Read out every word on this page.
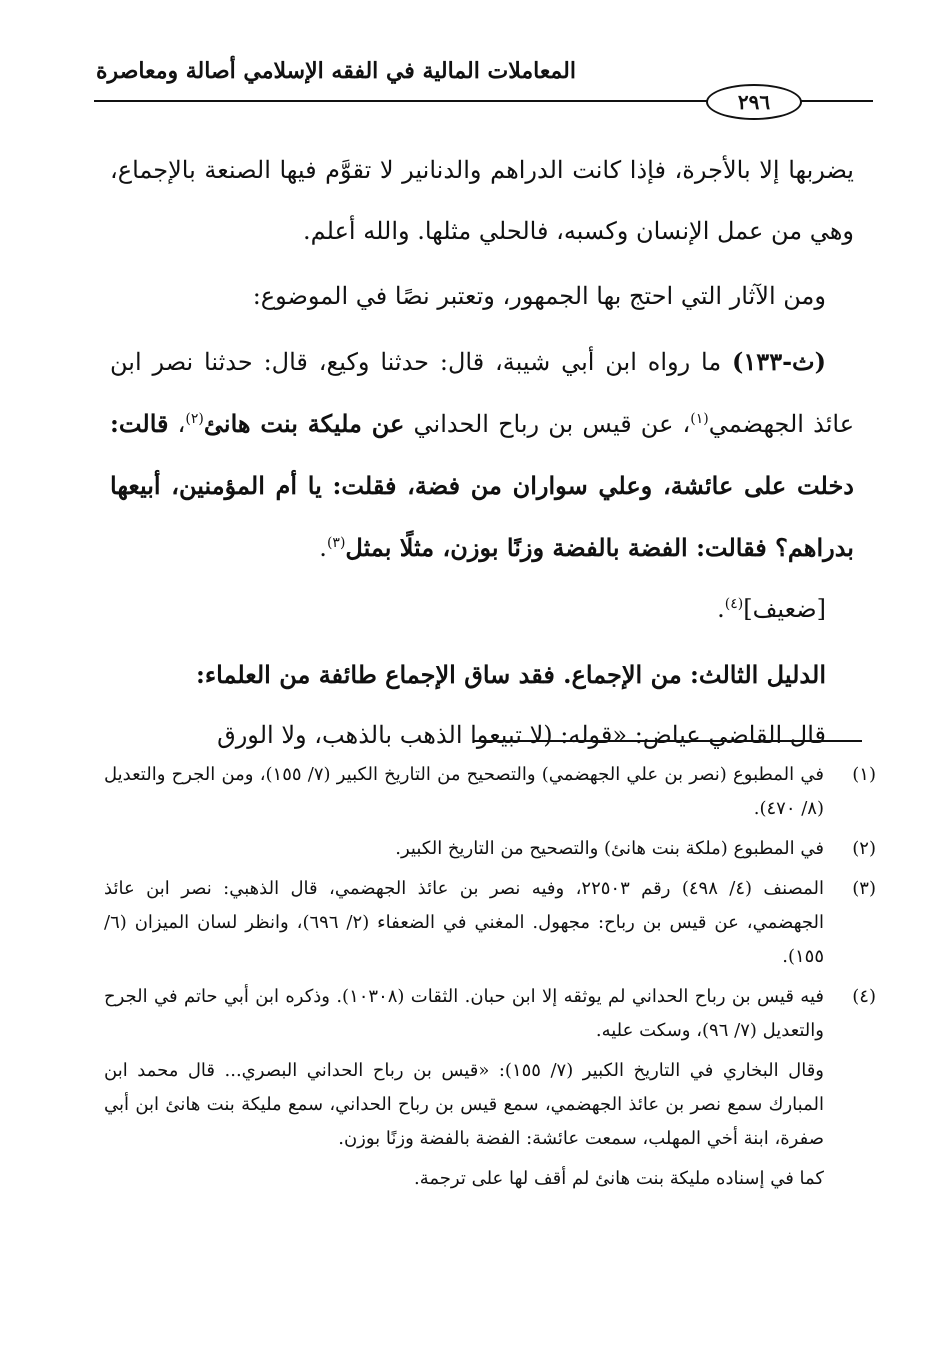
المعاملات المالية في الفقه الإسلامي أصالة ومعاصرة
٢٩٦

يضربها إلا بالأجرة، فإذا كانت الدراهم والدنانير لا تقوَّم فيها الصنعة بالإجماع، وهي من عمل الإنسان وكسبه، فالحلي مثلها. والله أعلم.

ومن الآثار التي احتج بها الجمهور، وتعتبر نصًا في الموضوع:

(ث-١٣٣) ما رواه ابن أبي شيبة، قال: حدثنا وكيع، قال: حدثنا نصر ابن عائذ الجهضمي$^{(١)}$، عن قيس بن رباح الحداني عن مليكة بنت هانئ$^{(٢)}$، قالت: دخلت على عائشة، وعلي سواران من فضة، فقلت: يا أم المؤمنين، أبيعها بدراهم؟ فقالت: الفضة بالفضة وزنًا بوزن، مثلًا بمثل$^{(٣)}$.

[ضعيف]$^{(٤)}$.

الدليل الثالث: من الإجماع. فقد ساق الإجماع طائفة من العلماء:

قال القاضي عياض: «قوله: (لا تبيعوا الذهب بالذهب، ولا الورق

(١)
في المطبوع (نصر بن علي الجهضمي) والتصحيح من التاريخ الكبير (٧/ ١٥٥)، ومن الجرح والتعديل (٨/ ٤٧٠).
(٢)
في المطبوع (ملكة بنت هانئ) والتصحيح من التاريخ الكبير.
(٣)
المصنف (٤/ ٤٩٨) رقم ٢٢٥٠٣، وفيه نصر بن عائذ الجهضمي، قال الذهبي: نصر ابن عائذ الجهضمي، عن قيس بن رباح: مجهول. المغني في الضعفاء (٢/ ٦٩٦)، وانظر لسان الميزان (٦/ ١٥٥).
(٤)
فيه قيس بن رباح الحداني لم يوثقه إلا ابن حبان. الثقات (١٠٣٠٨). وذكره ابن أبي حاتم في الجرح والتعديل (٧/ ٩٦)، وسكت عليه.

وقال البخاري في التاريخ الكبير (٧/ ١٥٥): «قيس بن رباح الحداني البصري... قال محمد ابن المبارك سمع نصر بن عائذ الجهضمي، سمع قيس بن رباح الحداني، سمع مليكة بنت هانئ ابن أبي صفرة، ابنة أخي المهلب، سمعت عائشة: الفضة بالفضة وزنًا بوزن.

كما في إسناده مليكة بنت هانئ لم أقف لها على ترجمة.
